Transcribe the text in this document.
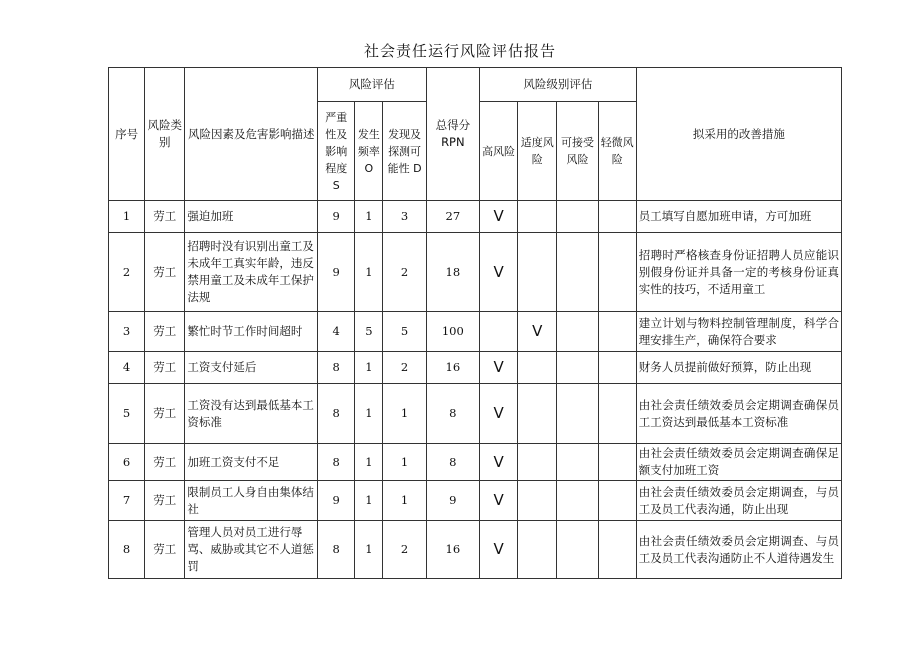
社会责任运行风险评估报告
序号	风险类别	风险因素及危害影响描述	风险评估			总得分RPN	风险级别评估				拟采用的改善措施
			严重性及影响程度 S	发生频率 O	发现及探测可能性 D		高风险	适度风险	可接受风险	轻微风险	
1	劳工	强迫加班	9	1	3	27	V				员工填写自愿加班申请，方可加班
2	劳工	招聘时没有识别出童工及未成年工真实年龄，违反禁用童工及未成年工保护法规	9	1	2	18	V				招聘时严格核查身份证招聘人员应能识别假身份证并具备一定的考核身份证真实性的技巧，不适用童工
3	劳工	繁忙时节工作时间超时	4	5	5	100		V			建立计划与物料控制管理制度，科学合理安排生产，确保符合要求
4	劳工	工资支付延后	8	1	2	16	V				财务人员提前做好预算，防止出现
5	劳工	工资没有达到最低基本工资标准	8	1	1	8	V				由社会责任绩效委员会定期调查确保员工工资达到最低基本工资标准
6	劳工	加班工资支付不足	8	1	1	8	V				由社会责任绩效委员会定期调查确保足额支付加班工资
7	劳工	限制员工人身自由集体结社	9	1	1	9	V				由社会责任绩效委员会定期调查，与员工及员工代表沟通，防止出现
8	劳工	管理人员对员工进行辱骂、威胁或其它不人道惩罚	8	1	2	16	V				由社会责任绩效委员会定期调查、与员工及员工代表沟通防止不人道待遇发生
